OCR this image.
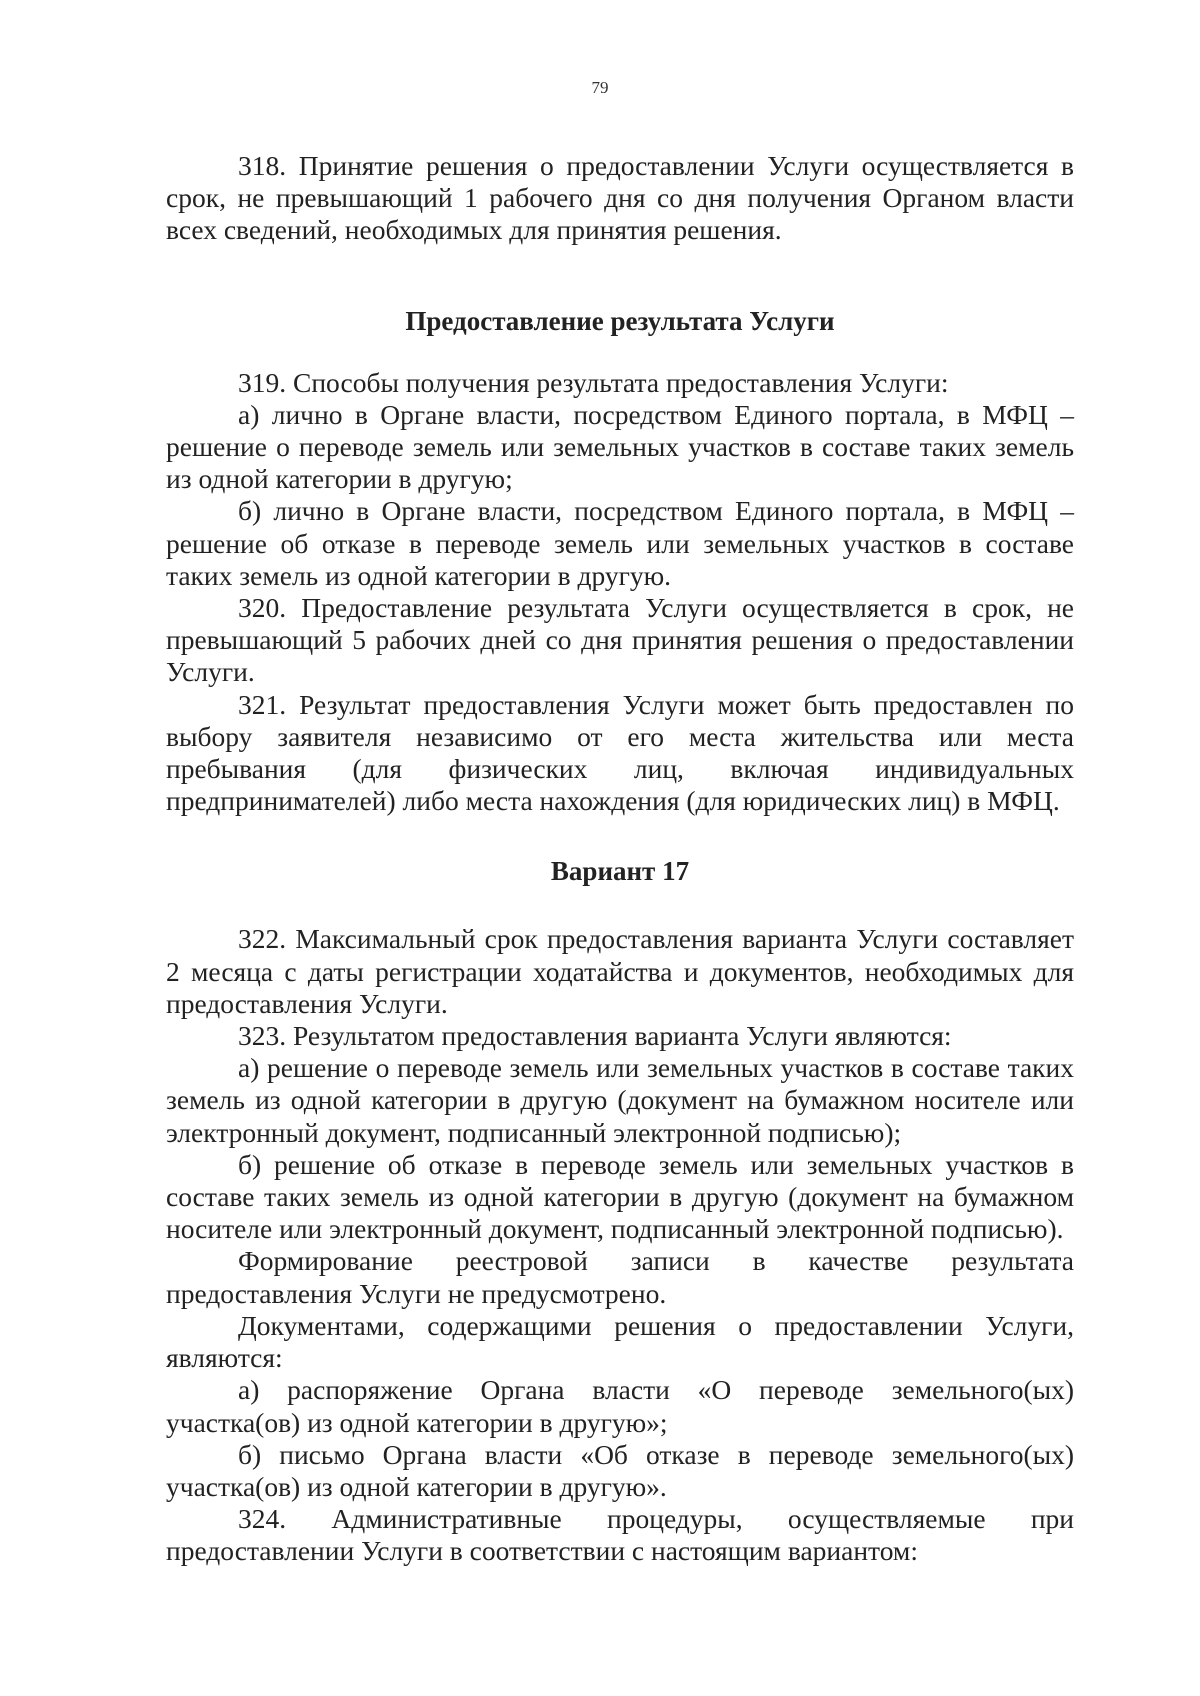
79

318. Принятие решения о предоставлении Услуги осуществляется в срок, не превышающий 1 рабочего дня со дня получения Органом власти всех сведений, необходимых для принятия решения.

Предоставление результата Услуги

319. Способы получения результата предоставления Услуги:

а) лично в Органе власти, посредством Единого портала, в МФЦ – решение о переводе земель или земельных участков в составе таких земель из одной категории в другую;

б) лично в Органе власти, посредством Единого портала, в МФЦ – решение об отказе в переводе земель или земельных участков в составе таких земель из одной категории в другую.

320. Предоставление результата Услуги осуществляется в срок, не превышающий 5 рабочих дней со дня принятия решения о предоставлении Услуги.

321. Результат предоставления Услуги может быть предоставлен по выбору заявителя независимо от его места жительства или места пребывания (для физических лиц, включая индивидуальных предпринимателей) либо места нахождения (для юридических лиц) в МФЦ.

Вариант 17

322. Максимальный срок предоставления варианта Услуги составляет 2 месяца с даты регистрации ходатайства и документов, необходимых для предоставления Услуги.

323. Результатом предоставления варианта Услуги являются:

а) решение о переводе земель или земельных участков в составе таких земель из одной категории в другую (документ на бумажном носителе или электронный документ, подписанный электронной подписью);

б) решение об отказе в переводе земель или земельных участков в составе таких земель из одной категории в другую (документ на бумажном носителе или электронный документ, подписанный электронной подписью).

Формирование реестровой записи в качестве результата предоставления Услуги не предусмотрено.

Документами, содержащими решения о предоставлении Услуги, являются:

а) распоряжение Органа власти «О переводе земельного(ых) участка(ов) из одной категории в другую»;

б) письмо Органа власти «Об отказе в переводе земельного(ых) участка(ов) из одной категории в другую».

324. Административные процедуры, осуществляемые при предоставлении Услуги в соответствии с настоящим вариантом:
